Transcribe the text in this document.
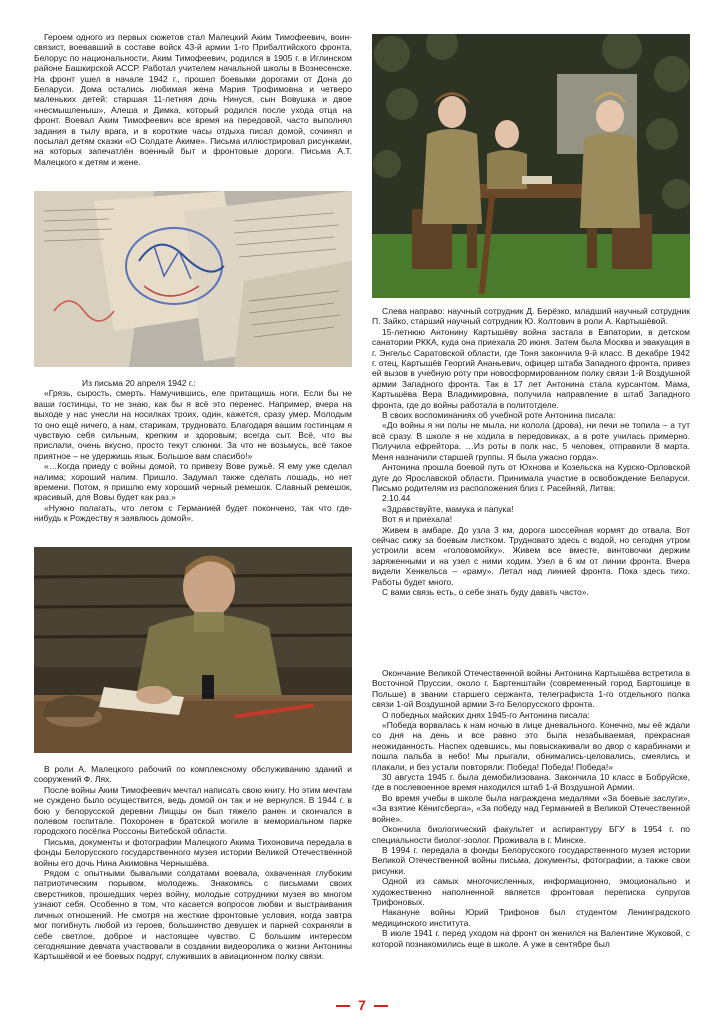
Героем одного из первых сюжетов стал Малецкий Аким Тимофеевич, воин-связист, воевавший в составе войск 43-й армии 1-го Прибалтийского фронта. Белорус по национальности, Аким Тимофеевич, родился в 1905 г. в Иглинском районе Башкирской АССР. Работал учителем начальной школы в Вознесенске. На фронт ушел в начале 1942 г., прошел боевыми дорогами от Дона до Беларуси. Дома остались любимая жена Мария Трофимовна и четверо маленьких детей: старшая 11-летняя дочь Нинуся, сын Вовушка и двое «несмышленыш», Алеша и Димка, который родился после ухода отца на фронт. Воевал Аким Тимофеевич все время на передовой, часто выполнял задания в тылу врага, и в короткие часы отдыха писал домой, сочинял и посылал детям сказки «О Солдате Акиме». Письма иллюстрировал рисунками, на которых запечатлён военный быт и фронтовые дороги. Письма А.Т. Малецкого к детям и жене.

Из письма 20 апреля 1942 г.:

«Грязь, сырость, смерть. Намучившись, еле притащишь ноги. Если бы не ваши гостинцы, то не знаю, как бы я всё это перенес. Например, вчера на выходе у нас унесли на носилках троих, один, кажется, сразу умер. Молодым то оно ещё ничего, а нам, старикам, трудновато. Благодаря вашим гостинцам я чувствую себя сильным, крепким и здоровым; всегда сыт. Всё, что вы прислали, очень вкусно, просто текут слюнки. За что не возьмусь, всё такое приятное – не удержишь язык. Большое вам спасибо!»

«…Когда приеду с войны домой, то привезу Вове ружьё. Я ему уже сделал налима; хороший налим. Пришло. Задумал также сделать лошадь, но нет времени. Потом, я пришлю ему хороший черный ремешок. Славный ремешок, красивый, для Вовы будет как раз.»

«Нужно полагать, что летом с Германией будет покончено, так что где-нибудь к Рождеству я заявлюсь домой».

В роли А. Малецкого рабочий по комплексному обслуживанию зданий и сооружений Ф. Лях.

После войны Аким Тимофеевич мечтал написать свою книгу. Но этим мечтам не суждено было осуществится, ведь домой он так и не вернулся. В 1944 г. в бою у белорусской деревни Лищцы он был тяжело ранен и скончался в полевом госпитале. Похоронен в братской могиле в мемориальном парке городского посёлка Россоны Витебской области.

Письма, документы и фотографии Малецкого Акима Тихоновича передала в фонды Белорусского государственного музея истории Великой Отечественной войны его дочь Нина Акимовна Чернышёва.

Рядом с опытными бывалыми солдатами воевала, охваченная глубоким патриотическим порывом, молодежь. Знакомясь с письмами своих сверстников, прошедших через войну, молодые сотрудники музея во многом узнают себя. Особенно в том, что касается вопросов любви и выстраивания личных отношений. Не смотря на жесткие фронтовые условия, когда завтра мог погибнуть любой из героев, большинство девушек и парней сохраняли в себе светлое, доброе и настоящее чувство. С большим интересом сегодняшние девчата участвовали в создании видеоролика о жизни Антонины Картышёвой и ее боевых подруг, служивших в авиационном полку связи.

Слева направо: научный сотрудник Д. Берёзко, младший научный сотрудник П. Зайко, старший научный сотрудник Ю. Колтович в роли А. Картышёвой.

15-летнюю Антонину Картышёву война застала в Евпатории, в детском санатории РККА, куда она приехала 20 июня. Затем была Москва и эвакуация в г. Энгельс Саратовской области, где Тоня закончила 9-й класс. В декабре 1942 г. отец, Картышёв Георгий Ананьевич, офицер штаба Западного фронта, привез ей вызов в учебную роту при новосформированном полку связи 1-й Воздушной армии Западного фронта. Так в 17 лет Антонина стала курсантом. Мама, Картышёва Вера Владимировна, получила направление в штаб Западного фронта, где до войны работала в политотделе.

В своих воспоминаниях об учебной роте Антонина писала:

«До войны я ни полы не мыла, ни колола (дрова), ни печи не топила – а тут всё сразу. В школе я не ходила в передовиках, а в роте училась примерно. Получила ефрейтора. …Из роты в полк нас, 5 человек, отправили 8 марта. Меня назначили старшей группы. Я была ужасно горда».

Антонина прошла боевой путь от Юхнова и Козельска на Курско-Орловской дуге до Ярославской области. Принимала участие в освобождение Беларуси. Письмо родителям из расположения близ г. Расейняй, Литва:

2.10.44

«Здравствуйте, мамука и папука!

Вот я и приехала!

Живем в амбаре. До узла 3 км, дорога шоссейная кормят до отвала. Вот сейчас сижу за боевым листком. Трудновато здесь с водой, но сегодня утром устроили всем «головомойку». Живем все вместе, винтовочки держим заряженными и на узел с ними ходим. Узел в 6 км от линии фронта. Вчера видели Хенкельса – «раму». Летал над линией фронта. Пока здесь тихо. Работы будет много.

С вами связь есть, о себе знать буду давать часто».

Окончание Великой Отечественной войны Антонина Картышёва встретила в Восточной Пруссии, около г. Бартенштайн (современный город Бартошице в Польше) в звании старшего сержанта, телеграфиста 1-го отдельного полка связи 1-ой Воздушной армии 3-го Белорусского фронта.

О победных майских днях 1945-го Антонина писала:

«Победа ворвалась к нам ночью в лице дневального. Конечно, мы её ждали со дня на день и все равно это была незабываемая, прекрасная неожиданность. Наспех одевшись, мы повыскакивали во двор с карабинами и пошла пальба в небо! Мы прыгали, обнимались-целовались, смеялись и плакали, и без устали повторяли: Победа! Победа! Победа!»

30 августа 1945 г. была демобилизована. Закончила 10 класс в Бобруйске, где в послевоенное время находился штаб 1-й Воздушной Армии.

Во время учебы в школе была награждена медалями «За боевые заслуги», «За взятие Кёнигсберга», «За победу над Германией в Великой Отечественной войне».

Окончила биологический факультет и аспирантуру БГУ в 1954 г. по специальности биолог-зоолог. Проживала в г. Минске.

В 1994 г. передала в фонды Белорусского государственного музея истории Великой Отечественной войны письма, документы, фотографии, а также свои рисунки.

Одной из самых многочисленных, информационно, эмоционально и художественно наполненной является фронтовая переписка супругов Трифоновых.

Накануне войны Юрий Трифонов был студентом Ленинградского медицинского института.

В июле 1941 г. перед уходом на фронт он женился на Валентине Жуковой, с которой познакомились еще в школе. А уже в сентябре был

7
